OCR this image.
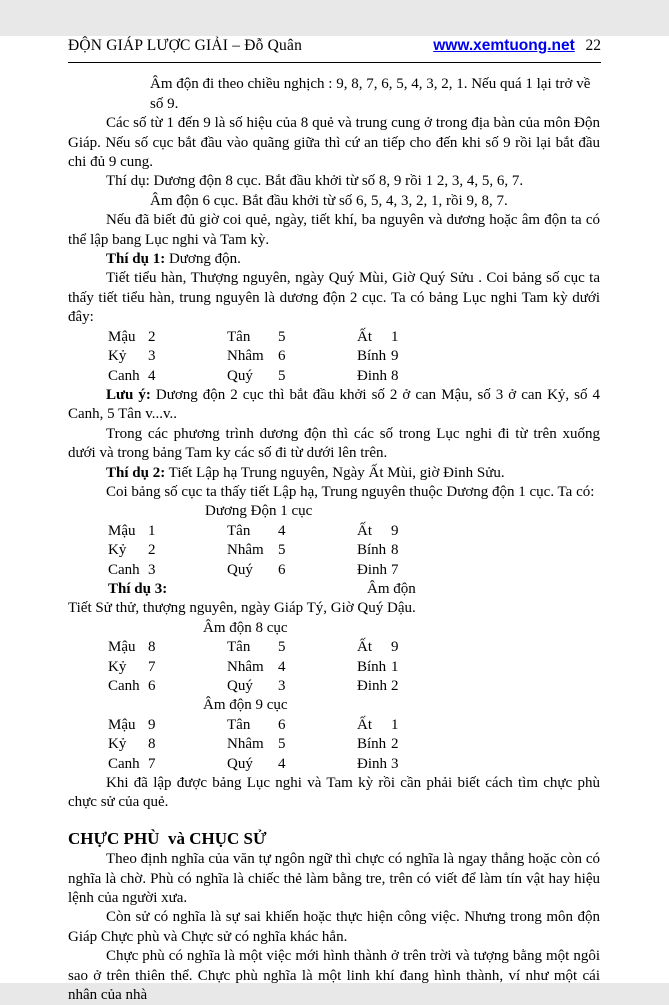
ĐỘN GIÁP LƯỢC GIẢI – Đỗ Quân	www.xemtuong.net 22
Âm độn đi theo chiều nghịch : 9, 8, 7, 6, 5, 4, 3, 2, 1. Nếu quá 1 lại trở về số 9.
Các số từ 1 đến 9 là số hiệu của 8 quẻ và trung cung ở trong địa bàn của môn Độn Giáp. Nếu số cục bắt đầu vào quãng giữa thì cứ an tiếp cho đến khi số 9 rồi lại bắt đầu chi đủ 9 cung.
Thí dụ: Dương độn 8 cục. Bắt đầu khởi từ số 8, 9 rồi 1 2, 3, 4, 5, 6, 7.
Âm độn 6 cục. Bắt đầu khởi từ số 6, 5, 4, 3, 2, 1, rồi 9, 8, 7.
Nếu đã biết đủ giờ coi quẻ, ngày, tiết khí, ba nguyên và dương hoặc âm độn ta có thể lập bang Lục nghi và Tam kỳ.
Thí dụ 1: Dương độn.
Tiết tiểu hàn, Thượng nguyên, ngày Quý Mùi, Giờ Quý Sửu . Coi bảng số cục ta thấy tiết tiểu hàn, trung nguyên là dương độn 2 cục. Ta có bảng Lục nghi Tam kỳ dưới đây:
Mậu 2	Tân	5	Ất	1
Kỷ	3	Nhâm 6	Bính 9
Canh 4	Quý	5	Đinh 8
Lưu ý: Dương độn 2 cục thì bắt đầu khởi số 2 ở can Mậu, số 3 ở can Kỷ, số 4 Canh, 5 Tân v...v..
Trong các phương trình dương độn thì các số trong Lục nghi đi từ trên xuống dưới và trong bảng Tam ky các số đi từ dưới lên trên.
Thí dụ 2: Tiết Lập hạ Trung nguyên, Ngày Ất Mùi, giờ Đinh Sửu.
Coi bảng số cục ta thấy tiết Lập hạ, Trung nguyên thuộc Dương độn 1 cục. Ta có:
Dương Độn 1 cục
Mậu 1	Tân	4	Ất	9
Kỷ	2	Nhâm 5	Bính 8
Canh 3	Quý	6	Đinh 7
Thí dụ 3:	Âm độn
Tiết Sử thử, thượng nguyên, ngày Giáp Tý, Giờ Quý Dậu.
Âm độn 8 cục
Mậu 8	Tân	5	Ất	9
Kỷ	7	Nhâm 4	Bính 1
Canh 6	Quý	3	Đinh 2
Âm độn 9 cục
Mậu 9	Tân	6	Ất	1
Kỷ	8	Nhâm 5	Bính 2
Canh 7	Quý	4	Đinh 3
Khi đã lập được bảng Lục nghi và Tam kỳ rồi cần phải biết cách tìm chực phù chực sử của quẻ.
CHỰC PHÙ  và CHỤC SỬ
Theo định nghĩa của văn tự ngôn ngữ thì chực có nghĩa là ngay thẳng hoặc còn có nghĩa là chờ. Phù có nghĩa là chiếc thẻ làm bằng tre, trên có viết để làm tín vật hay hiệu lệnh của người xưa.
Còn sử có nghĩa là sự sai khiến hoặc thực hiện công việc. Nhưng trong môn độn Giáp Chực phù và Chực sử có nghĩa khác hẳn.
Chực phù có nghĩa là một việc mới hình thành ở trên trời và tượng bằng một ngôi sao ở trên thiên thể. Chực phù nghĩa là một linh khí đang hình thành, ví như một cái nhân của nhà
